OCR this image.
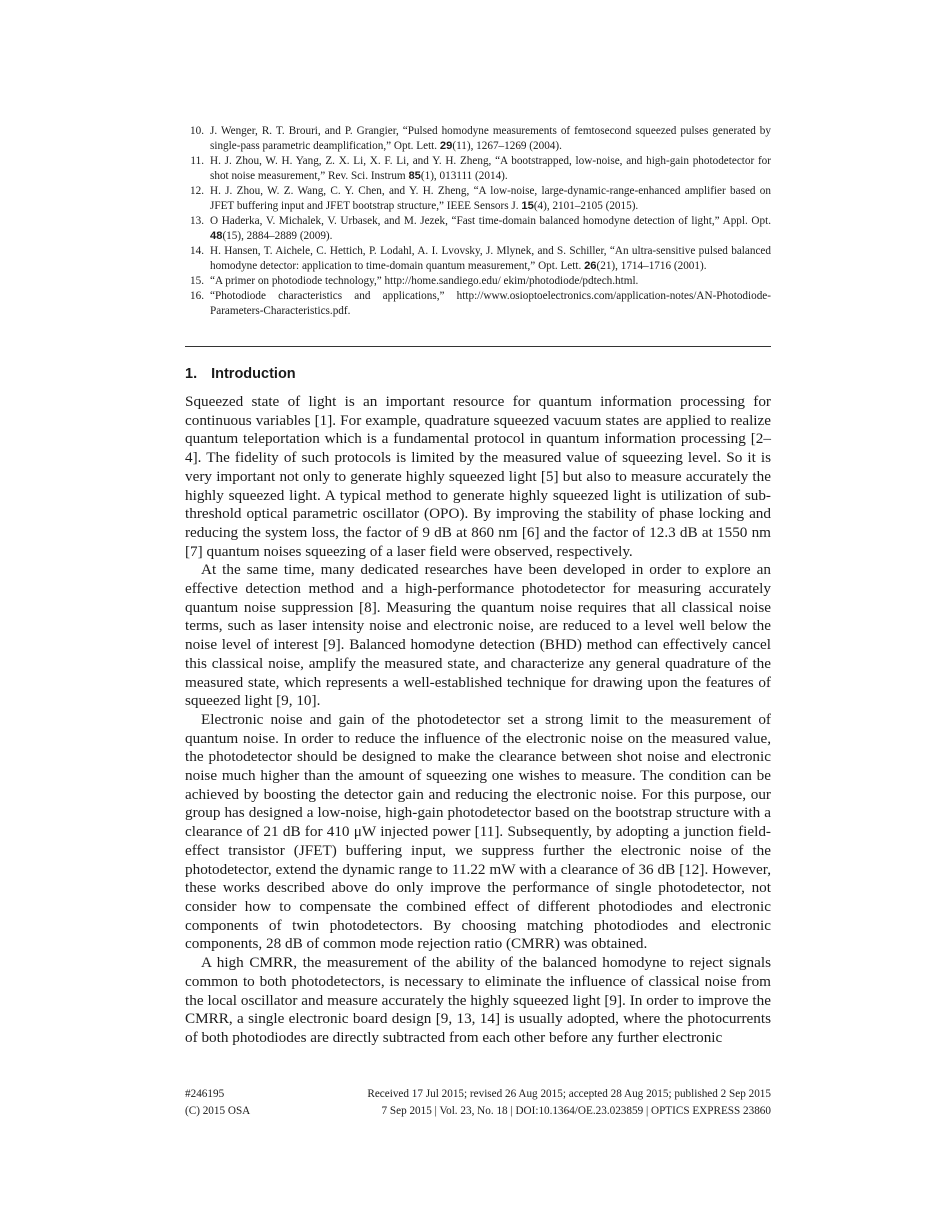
10. J. Wenger, R. T. Brouri, and P. Grangier, “Pulsed homodyne measurements of femtosecond squeezed pulses generated by single-pass parametric deamplification,” Opt. Lett. 29(11), 1267–1269 (2004).
11. H. J. Zhou, W. H. Yang, Z. X. Li, X. F. Li, and Y. H. Zheng, “A bootstrapped, low-noise, and high-gain photodetector for shot noise measurement,” Rev. Sci. Instrum 85(1), 013111 (2014).
12. H. J. Zhou, W. Z. Wang, C. Y. Chen, and Y. H. Zheng, “A low-noise, large-dynamic-range-enhanced amplifier based on JFET buffering input and JFET bootstrap structure,” IEEE Sensors J. 15(4), 2101–2105 (2015).
13. O Haderka, V. Michalek, V. Urbasek, and M. Jezek, “Fast time-domain balanced homodyne detection of light,” Appl. Opt. 48(15), 2884–2889 (2009).
14. H. Hansen, T. Aichele, C. Hettich, P. Lodahl, A. I. Lvovsky, J. Mlynek, and S. Schiller, “An ultra-sensitive pulsed balanced homodyne detector: application to time-domain quantum measurement,” Opt. Lett. 26(21), 1714–1716 (2001).
15. “A primer on photodiode technology,” http://home.sandiego.edu/ ekim/photodiode/pdtech.html.
16. “Photodiode characteristics and applications,” http://www.osioptoelectronics.com/application-notes/AN-Photodiode-Parameters-Characteristics.pdf.
1. Introduction

Squeezed state of light is an important resource for quantum information processing for continuous variables [1]. For example, quadrature squeezed vacuum states are applied to realize quantum teleportation which is a fundamental protocol in quantum information processing [2–4]. The fidelity of such protocols is limited by the measured value of squeezing level. So it is very important not only to generate highly squeezed light [5] but also to measure accurately the highly squeezed light. A typical method to generate highly squeezed light is utilization of sub-threshold optical parametric oscillator (OPO). By improving the stability of phase locking and reducing the system loss, the factor of 9 dB at 860 nm [6] and the factor of 12.3 dB at 1550 nm [7] quantum noises squeezing of a laser field were observed, respectively.

At the same time, many dedicated researches have been developed in order to explore an effective detection method and a high-performance photodetector for measuring accurately quantum noise suppression [8]. Measuring the quantum noise requires that all classical noise terms, such as laser intensity noise and electronic noise, are reduced to a level well below the noise level of interest [9]. Balanced homodyne detection (BHD) method can effectively cancel this classical noise, amplify the measured state, and characterize any general quadrature of the measured state, which represents a well-established technique for drawing upon the features of squeezed light [9, 10].

Electronic noise and gain of the photodetector set a strong limit to the measurement of quantum noise. In order to reduce the influence of the electronic noise on the measured value, the photodetector should be designed to make the clearance between shot noise and electronic noise much higher than the amount of squeezing one wishes to measure. The condition can be achieved by boosting the detector gain and reducing the electronic noise. For this purpose, our group has designed a low-noise, high-gain photodetector based on the bootstrap structure with a clearance of 21 dB for 410 μW injected power [11]. Subsequently, by adopting a junction field-effect transistor (JFET) buffering input, we suppress further the electronic noise of the photodetector, extend the dynamic range to 11.22 mW with a clearance of 36 dB [12]. However, these works described above do only improve the performance of single photodetector, not consider how to compensate the combined effect of different photodiodes and electronic components of twin photodetectors. By choosing matching photodiodes and electronic components, 28 dB of common mode rejection ratio (CMRR) was obtained.

A high CMRR, the measurement of the ability of the balanced homodyne to reject signals common to both photodetectors, is necessary to eliminate the influence of classical noise from the local oscillator and measure accurately the highly squeezed light [9]. In order to improve the CMRR, a single electronic board design [9, 13, 14] is usually adopted, where the photocurrents of both photodiodes are directly subtracted from each other before any further electronic

#246195	Received 17 Jul 2015; revised 26 Aug 2015; accepted 28 Aug 2015; published 2 Sep 2015
(C) 2015 OSA	7 Sep 2015 | Vol. 23, No. 18 | DOI:10.1364/OE.23.023859 | OPTICS EXPRESS 23860
